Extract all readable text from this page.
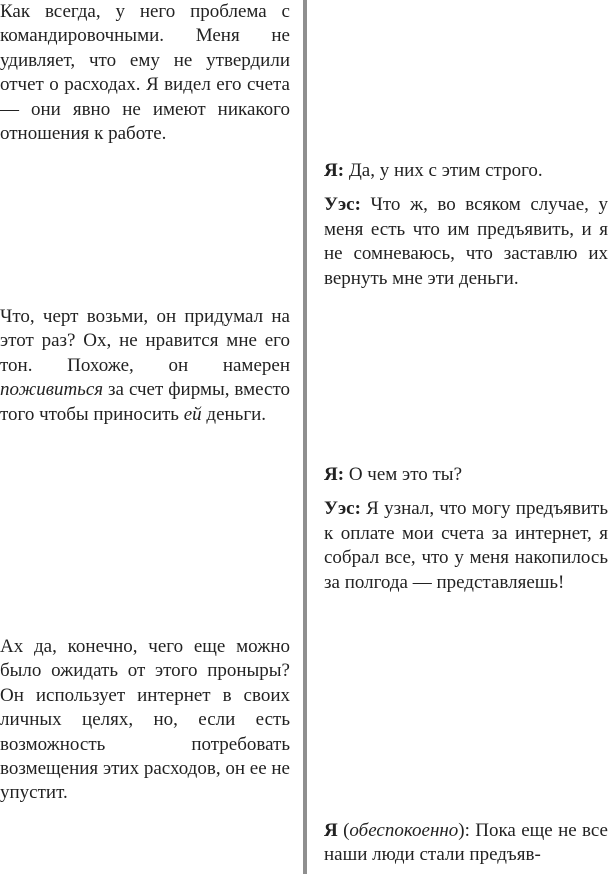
Как всегда, у него проблема с командировочными. Меня не удивляет, что ему не утвердили отчет о расходах. Я видел его счета — они явно не имеют никакого отношения к работе.

Что, черт возьми, он придумал на этот раз? Ох, не нравится мне его тон. Похоже, он намерен поживиться за счет фирмы, вместо того чтобы приносить ей деньги.

Ах да, конечно, чего еще можно было ожидать от этого проныры? Он использует интернет в своих личных целях, но, если есть возможность потребовать возмещения этих расходов, он ее не упустит.

Я: Да, у них с этим строго.

Уэс: Что ж, во всяком случае, у меня есть что им предъявить, и я не сомневаюсь, что заставлю их вернуть мне эти деньги.

Я: О чем это ты?

Уэс: Я узнал, что могу предъявить к оплате мои счета за интернет, я собрал все, что у меня накопилось за полгода — представляешь!

Я (обеспокоенно): Пока еще не все наши люди стали предъяв-
